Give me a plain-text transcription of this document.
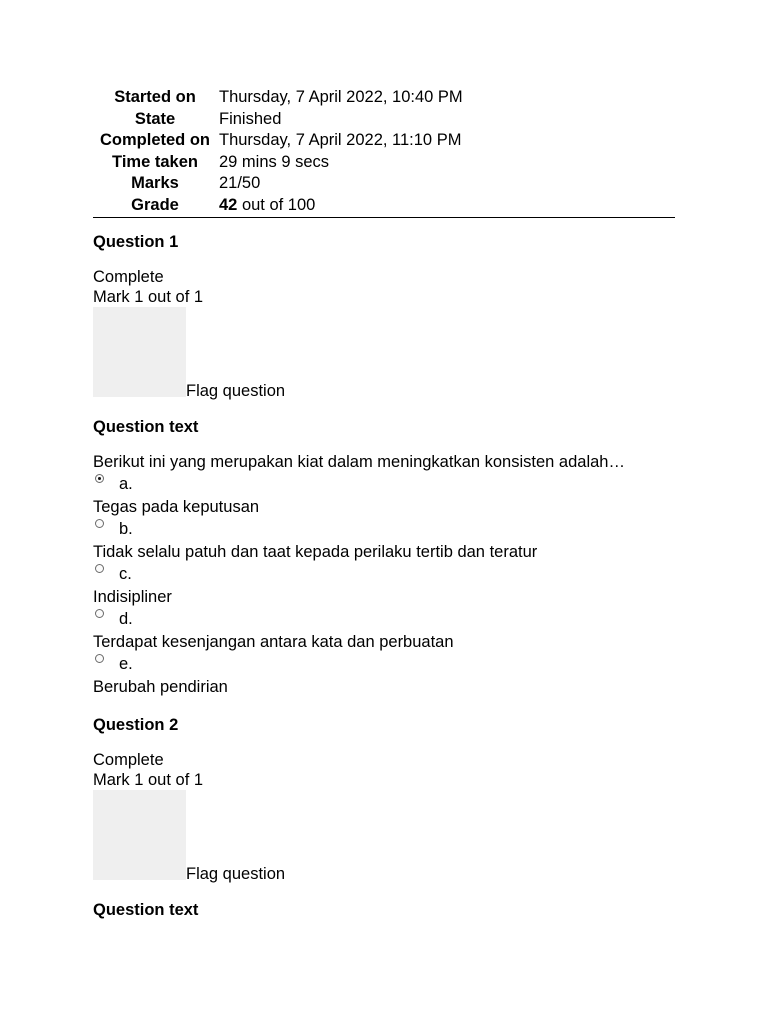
Started on	Thursday, 7 April 2022, 10:40 PM
State	Finished
Completed on Thursday, 7 April 2022, 11:10 PM
Time taken	29 mins 9 secs
Marks	21/50
Grade	42 out of 100
Question 1
Complete
Mark 1 out of 1
Flag question
Question text
Berikut ini yang merupakan kiat dalam meningkatkan konsisten adalah…
a.
Tegas pada keputusan
b.
Tidak selalu patuh dan taat kepada perilaku tertib dan teratur
c.
Indisipliner
d.
Terdapat kesenjangan antara kata dan perbuatan
e.
Berubah pendirian
Question 2
Complete
Mark 1 out of 1
Flag question
Question text
